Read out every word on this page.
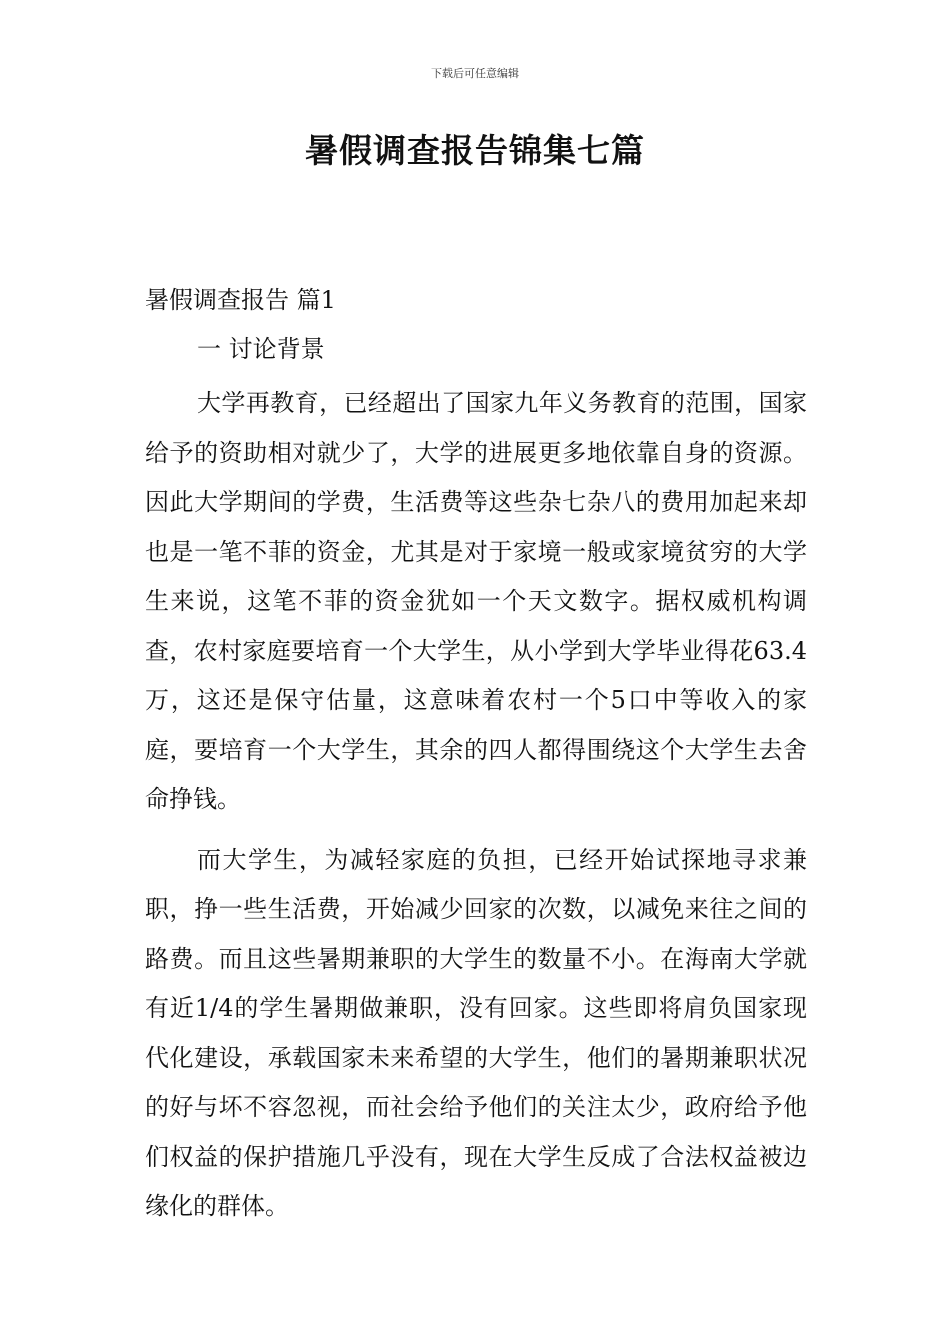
下载后可任意编辑
暑假调查报告锦集七篇
暑假调查报告 篇1
一 讨论背景

大学再教育，已经超出了国家九年义务教育的范围，国家给予的资助相对就少了，大学的进展更多地依靠自身的资源。因此大学期间的学费，生活费等这些杂七杂八的费用加起来却也是一笔不菲的资金，尤其是对于家境一般或家境贫穷的大学生来说，这笔不菲的资金犹如一个天文数字。据权威机构调查，农村家庭要培育一个大学生，从小学到大学毕业得花63.4万，这还是保守估量，这意味着农村一个5口中等收入的家庭，要培育一个大学生，其余的四人都得围绕这个大学生去舍命挣钱。

而大学生，为减轻家庭的负担，已经开始试探地寻求兼职，挣一些生活费，开始减少回家的次数，以减免来往之间的路费。而且这些暑期兼职的大学生的数量不小。在海南大学就有近1/4的学生暑期做兼职，没有回家。这些即将肩负国家现代化建设，承载国家未来希望的大学生，他们的暑期兼职状况的好与坏不容忽视，而社会给予他们的关注太少，政府给予他们权益的保护措施几乎没有，现在大学生反成了合法权益被边缘化的群体。
